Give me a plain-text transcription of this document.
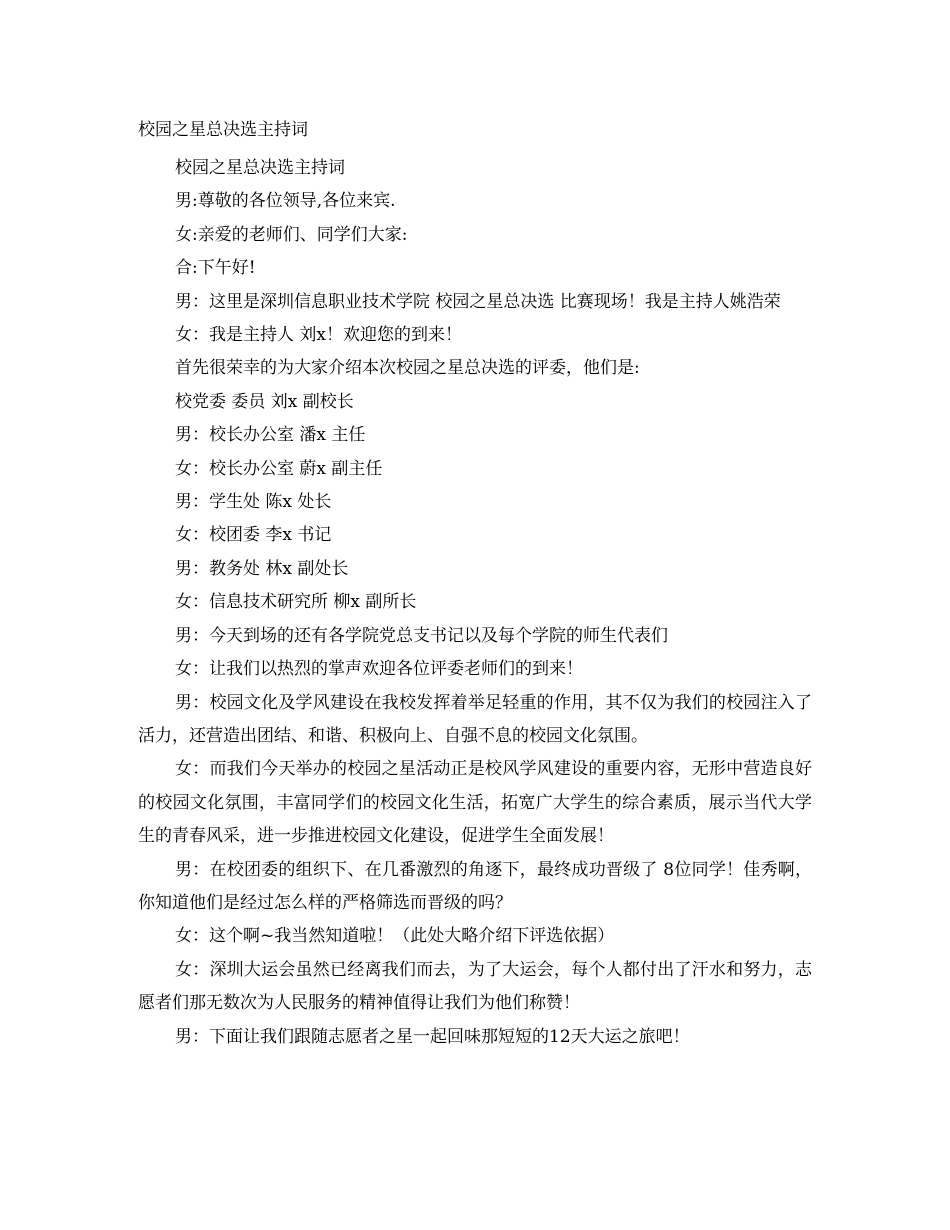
校园之星总决选主持词

校园之星总决选主持词

男:尊敬的各位领导,各位来宾.

女:亲爱的老师们、同学们大家:

合:下午好!

男：这里是深圳信息职业技术学院 校园之星总决选 比赛现场！我是主持人姚浩荣

女：我是主持人 刘x！欢迎您的到来！

首先很荣幸的为大家介绍本次校园之星总决选的评委，他们是:

校党委 委员 刘x 副校长

男：校长办公室 潘x 主任

女：校长办公室 蔚x 副主任

男：学生处 陈x 处长

女：校团委 李x 书记

男：教务处 林x 副处长

女：信息技术研究所 柳x 副所长

男：今天到场的还有各学院党总支书记以及每个学院的师生代表们

女：让我们以热烈的掌声欢迎各位评委老师们的到来！

男：校园文化及学风建设在我校发挥着举足轻重的作用，其不仅为我们的校园注入了活力，还营造出团结、和谐、积极向上、自强不息的校园文化氛围。

女：而我们今天举办的校园之星活动正是校风学风建设的重要内容，无形中营造良好的校园文化氛围，丰富同学们的校园文化生活，拓宽广大学生的综合素质，展示当代大学生的青春风采，进一步推进校园文化建设，促进学生全面发展！

男：在校团委的组织下、在几番激烈的角逐下，最终成功晋级了 8位同学！佳秀啊，你知道他们是经过怎么样的严格筛选而晋级的吗？

女：这个啊~我当然知道啦！（此处大略介绍下评选依据）

女：深圳大运会虽然已经离我们而去，为了大运会，每个人都付出了汗水和努力，志愿者们那无数次为人民服务的精神值得让我们为他们称赞！

男：下面让我们跟随志愿者之星一起回味那短短的12天大运之旅吧！
